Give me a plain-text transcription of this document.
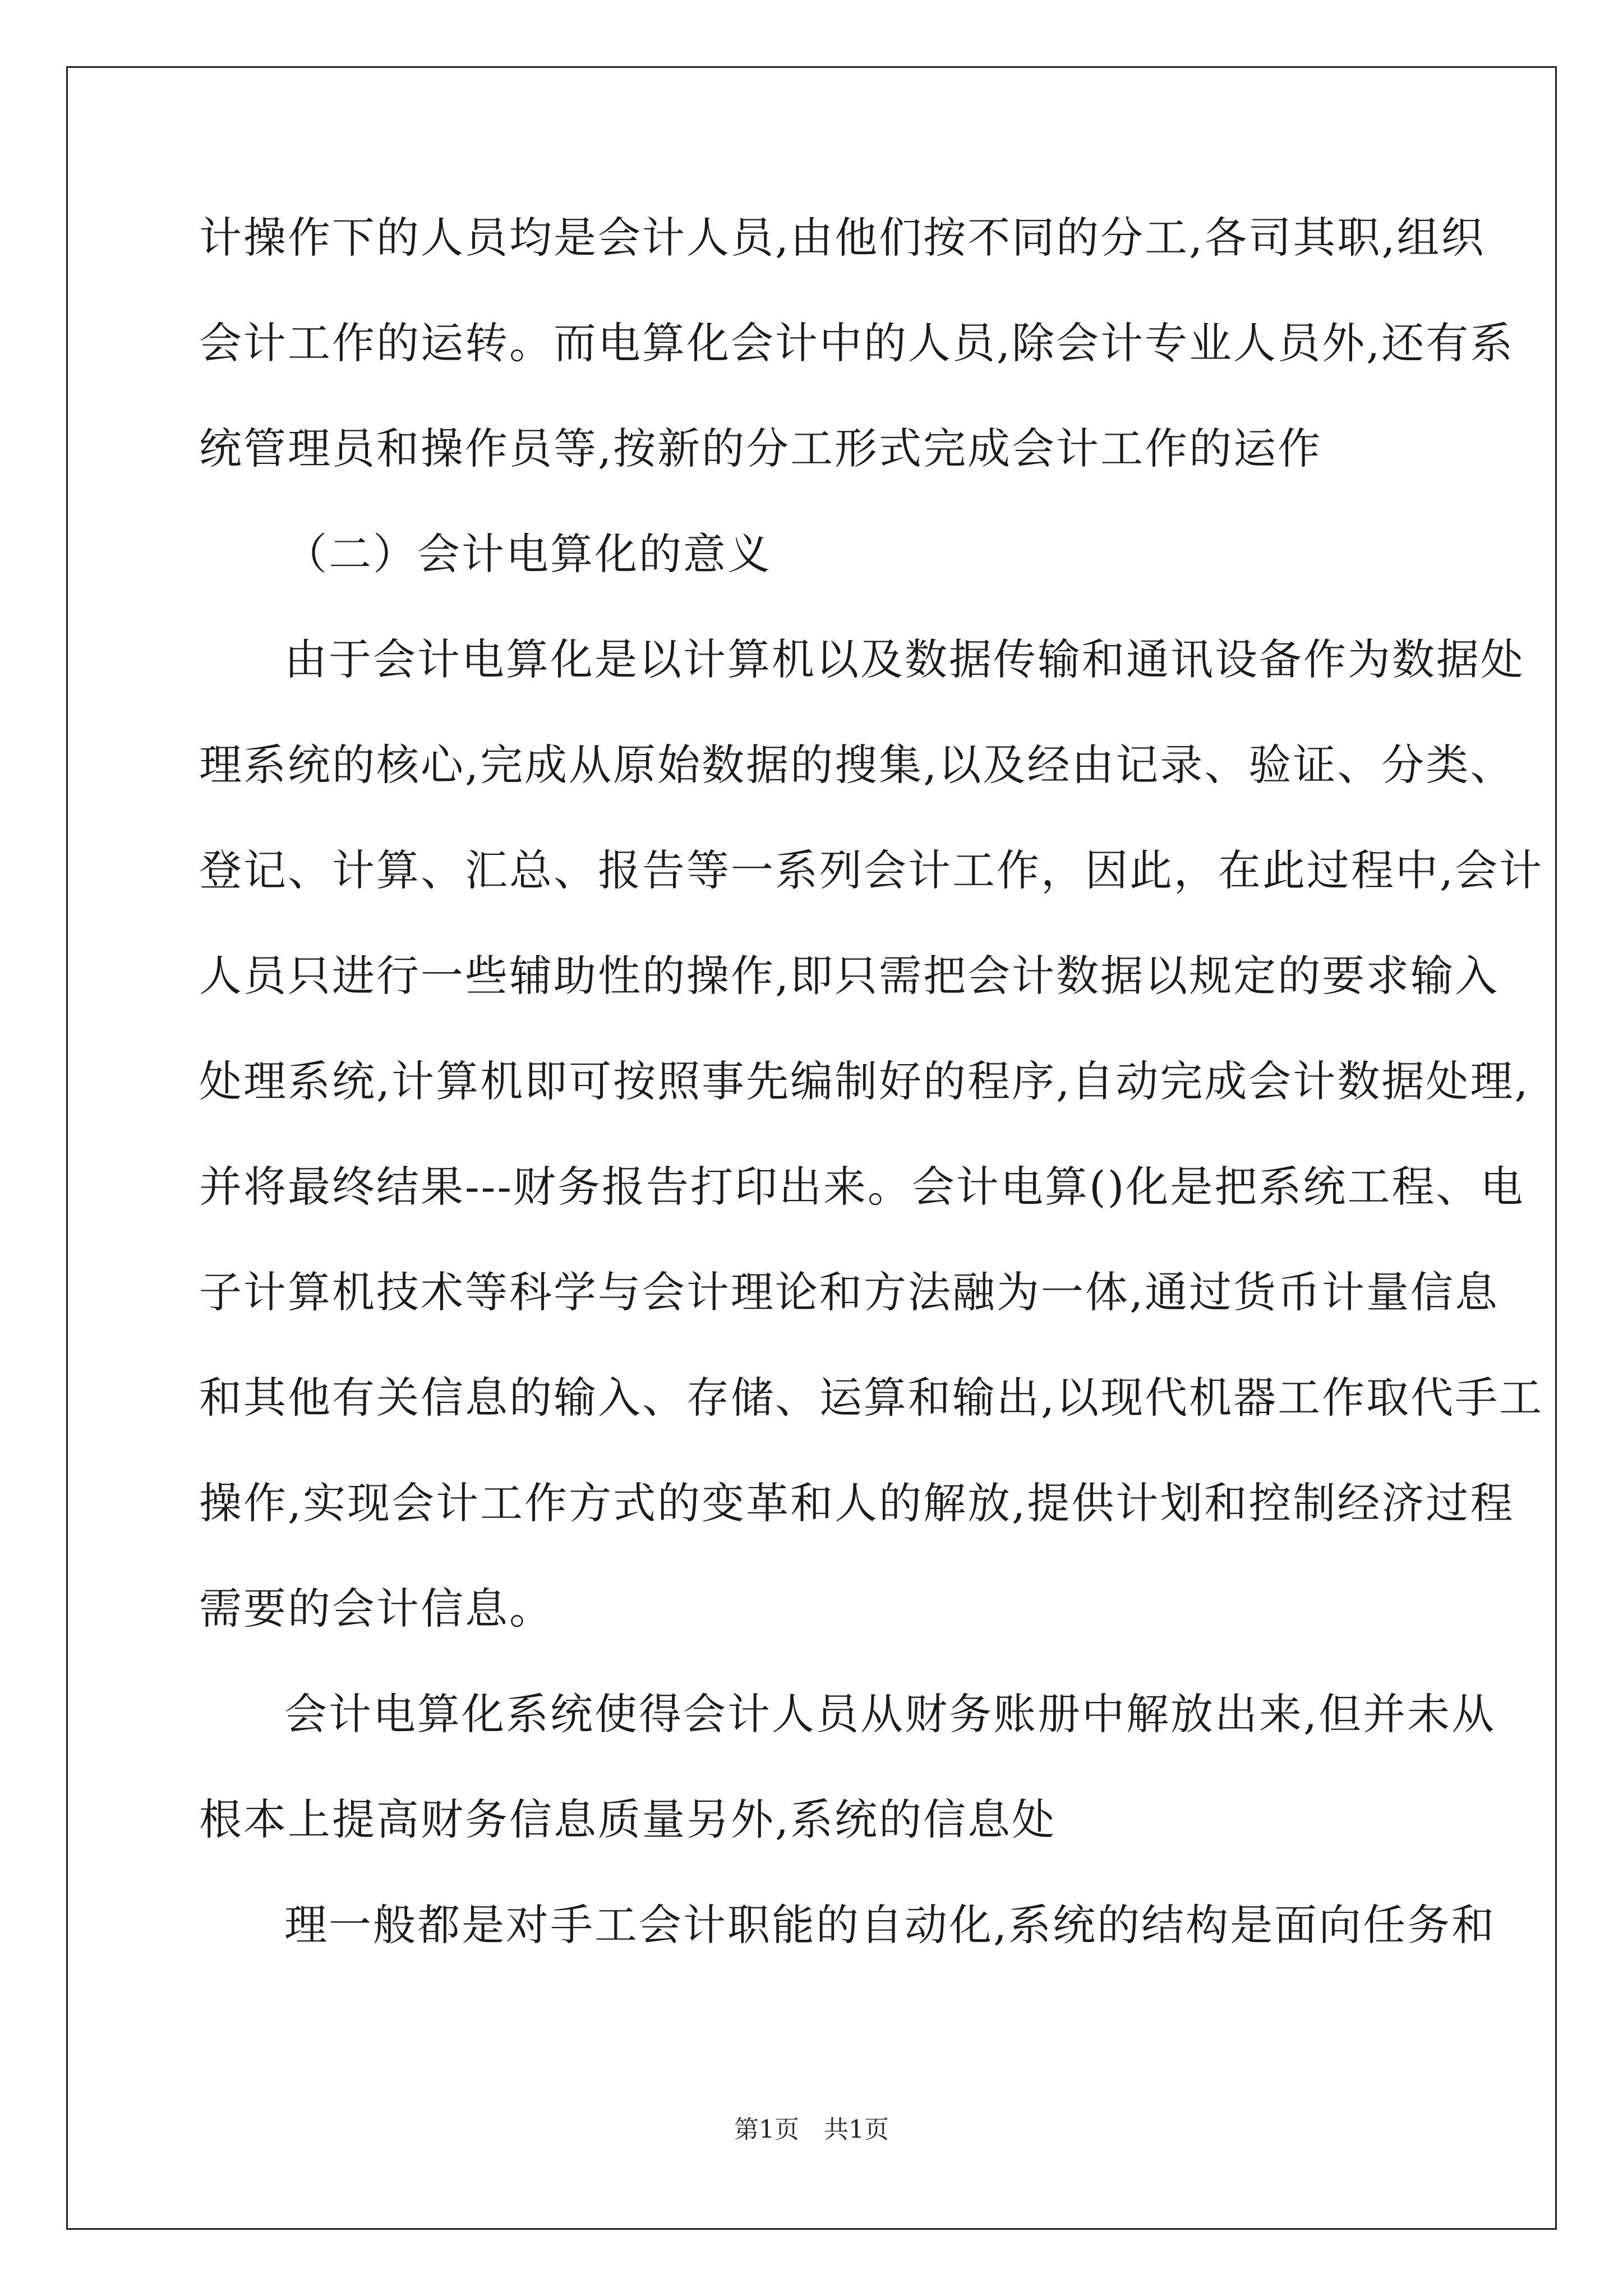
计操作下的人员均是会计人员,由他们按不同的分工,各司其职,组织
会计工作的运转。而电算化会计中的人员,除会计专业人员外,还有系
统管理员和操作员等,按新的分工形式完成会计工作的运作
（二）会计电算化的意义
由于会计电算化是以计算机以及数据传输和通讯设备作为数据处
理系统的核心,完成从原始数据的搜集,以及经由记录、验证、分类、
登记、计算、汇总、报告等一系列会计工作，因此，在此过程中,会计
人员只进行一些辅助性的操作,即只需把会计数据以规定的要求输入
处理系统,计算机即可按照事先编制好的程序,自动完成会计数据处理,
并将最终结果---财务报告打印出来。会计电算()化是把系统工程、电
子计算机技术等科学与会计理论和方法融为一体,通过货币计量信息
和其他有关信息的输入、存储、运算和输出,以现代机器工作取代手工
操作,实现会计工作方式的变革和人的解放,提供计划和控制经济过程
需要的会计信息。
会计电算化系统使得会计人员从财务账册中解放出来,但并未从
根本上提高财务信息质量另外,系统的信息处
理一般都是对手工会计职能的自动化,系统的结构是面向任务和
第1页　共1页
